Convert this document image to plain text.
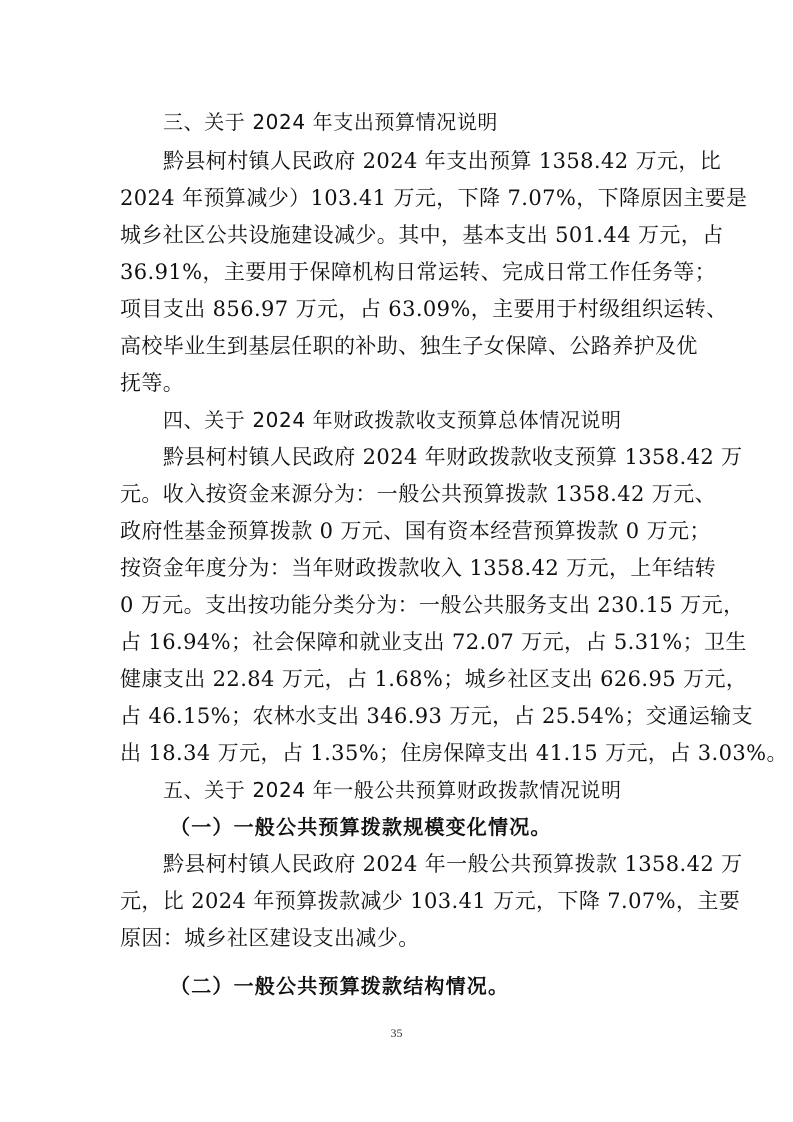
三、关于 2024 年支出预算情况说明
黔县柯村镇人民政府 2024 年支出预算 1358.42 万元，比
2024 年预算减少）103.41 万元，下降 7.07%，下降原因主要是
城乡社区公共设施建设减少。其中，基本支出 501.44 万元，占
36.91%，主要用于保障机构日常运转、完成日常工作任务等；
项目支出 856.97 万元，占 63.09%，主要用于村级组织运转、
高校毕业生到基层任职的补助、独生子女保障、公路养护及优
抚等。
四、关于 2024 年财政拨款收支预算总体情况说明
黔县柯村镇人民政府 2024 年财政拨款收支预算 1358.42 万
元。收入按资金来源分为：一般公共预算拨款 1358.42 万元、
政府性基金预算拨款 0 万元、国有资本经营预算拨款 0 万元；
按资金年度分为：当年财政拨款收入 1358.42 万元，上年结转
0 万元。支出按功能分类分为：一般公共服务支出 230.15 万元，
占 16.94%；社会保障和就业支出 72.07 万元，占 5.31%；卫生
健康支出 22.84 万元，占 1.68%；城乡社区支出 626.95 万元，
占 46.15%；农林水支出 346.93 万元，占 25.54%；交通运输支
出 18.34 万元，占 1.35%；住房保障支出 41.15 万元，占 3.03%。
五、关于 2024 年一般公共预算财政拨款情况说明
（一）一般公共预算拨款规模变化情况。
黔县柯村镇人民政府 2024 年一般公共预算拨款 1358.42 万
元，比 2024 年预算拨款减少 103.41 万元，下降 7.07%，主要
原因：城乡社区建设支出减少。
（二）一般公共预算拨款结构情况。
35
